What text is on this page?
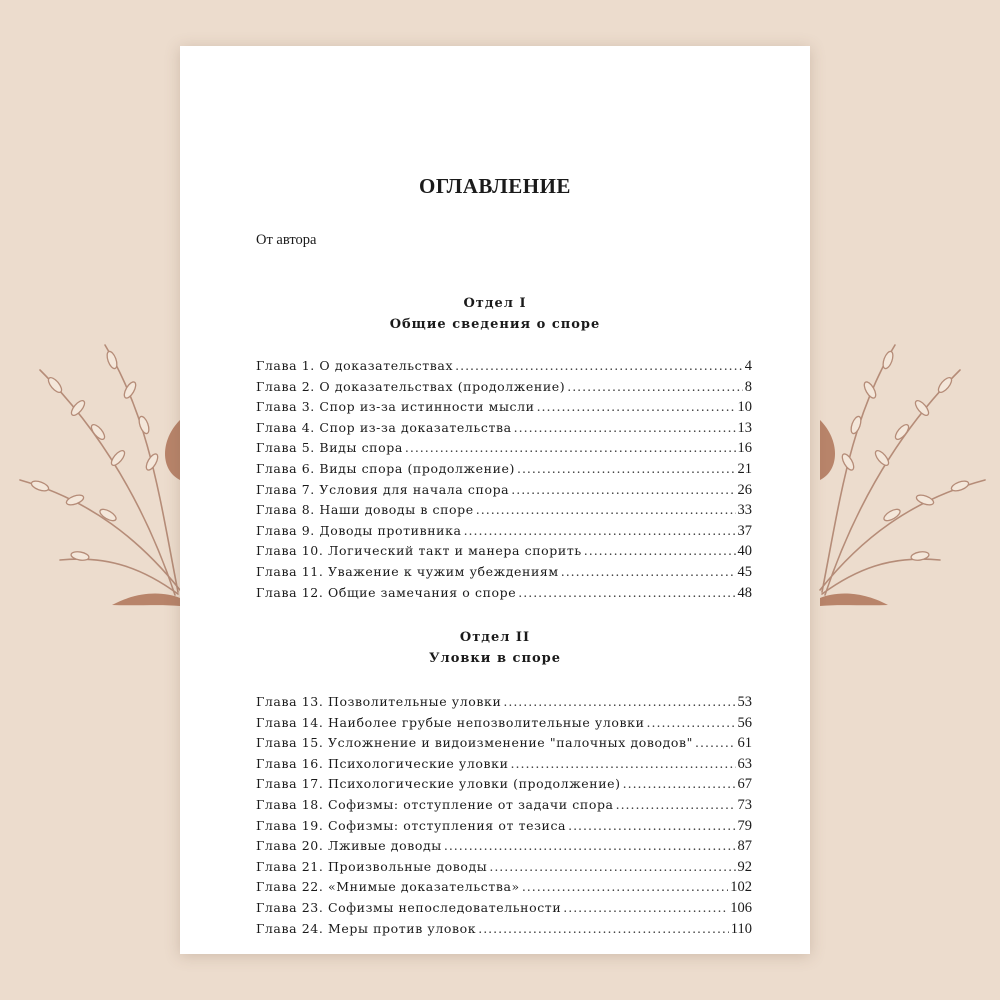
ОГЛАВЛЕНИЕ
От автора
Отдел I
Общие сведения о споре
Глава 1. О доказательствах .....	4
Глава 2. О доказательствах (продолжение) .....	8
Глава 3. Спор из-за истинности мысли .....	10
Глава 4. Спор из-за доказательства .....	13
Глава 5. Виды спора .....	16
Глава 6. Виды спора (продолжение) .....	21
Глава 7. Условия для начала спора .....	26
Глава 8. Наши доводы в споре .....	33
Глава 9. Доводы противника .....	37
Глава 10. Логический такт и манера спорить .....	40
Глава 11. Уважение к чужим убеждениям .....	45
Глава 12. Общие замечания о споре .....	48
Отдел II
Уловки в споре
Глава 13. Позволительные уловки .....	53
Глава 14. Наиболее грубые непозволительные уловки .....	56
Глава 15. Усложнение и видоизменение "палочных доводов" .....	61
Глава 16. Психологические уловки .....	63
Глава 17. Психологические уловки (продолжение) .....	67
Глава 18. Софизмы: отступление от задачи спора .....	73
Глава 19. Софизмы: отступления от тезиса .....	79
Глава 20. Лживые доводы .....	87
Глава 21. Произвольные доводы .....	92
Глава 22. «Мнимые доказательства» .....	102
Глава 23. Софизмы непоследовательности .....	106
Глава 24. Меры против уловок .....	110
